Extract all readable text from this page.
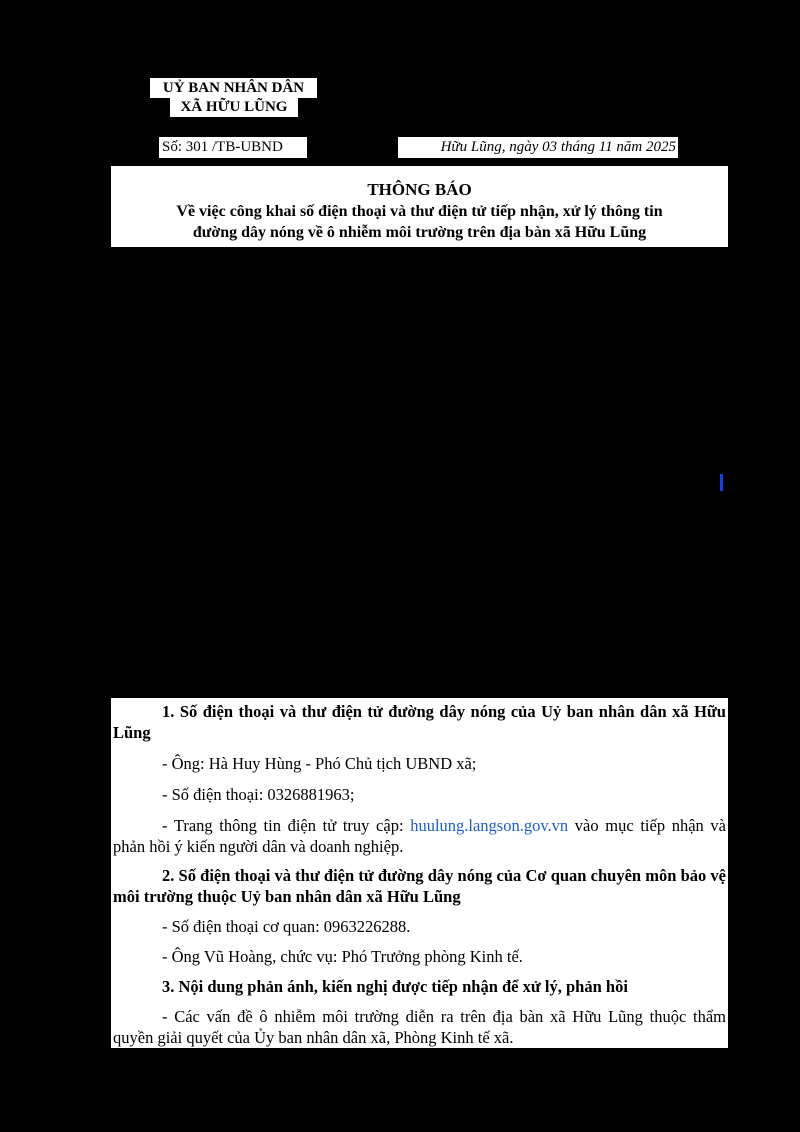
UỶ BAN NHÂN DÂN
XÃ HỮU LŨNG
Số: 301 /TB-UBND	Hữu Lũng, ngày 03 tháng 11 năm 2025
THÔNG BÁO
Về việc công khai số điện thoại và thư điện tử tiếp nhận, xử lý thông tin
đường dây nóng về ô nhiễm môi trường trên địa bàn xã Hữu Lũng

1. Số điện thoại và thư điện tử đường dây nóng của Uỷ ban nhân dân xã Hữu Lũng

- Ông: Hà Huy Hùng - Phó Chủ tịch UBND xã;

- Số điện thoại: 0326881963;

- Trang thông tin điện tử truy cập: huulung.langson.gov.vn vào mục tiếp nhận và phản hồi ý kiến người dân và doanh nghiệp.

2. Số điện thoại và thư điện tử đường dây nóng của Cơ quan chuyên môn bảo vệ môi trường thuộc Uỷ ban nhân dân xã Hữu Lũng

- Số điện thoại cơ quan: 0963226288.

- Ông Vũ Hoàng, chức vụ: Phó Trưởng phòng Kinh tế.

3. Nội dung phản ánh, kiến nghị được tiếp nhận để xử lý, phản hồi

- Các vấn đề ô nhiễm môi trường diễn ra trên địa bàn xã Hữu Lũng thuộc thẩm quyền giải quyết của Ủy ban nhân dân xã, Phòng Kinh tế xã.
